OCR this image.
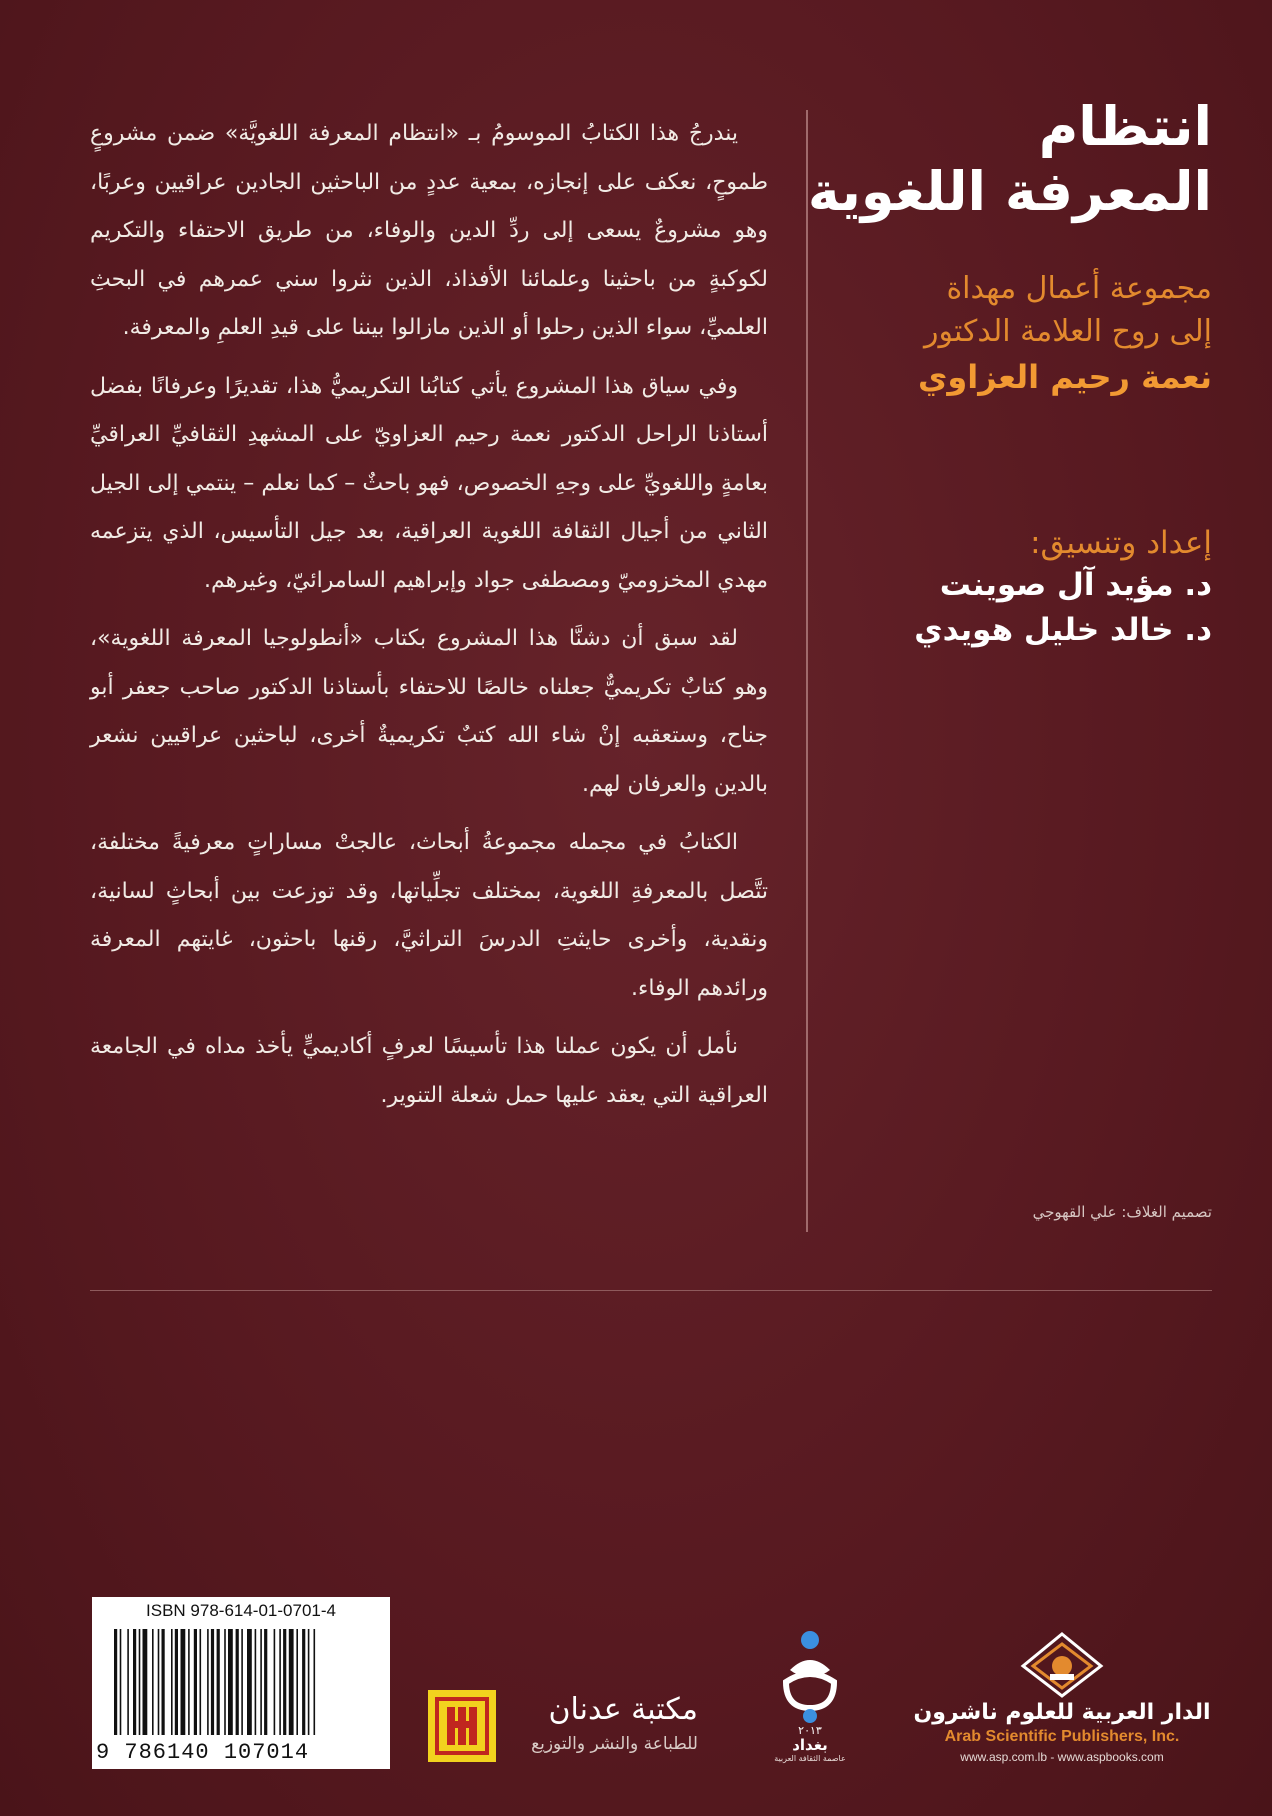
انتظام
المعرفة اللغوية
مجموعة أعمال مهداة
إلى روح العلامة الدكتور
نعمة رحيم العزاوي
إعداد وتنسيق:
د. مؤيد آل صوينت
د. خالد خليل هويدي

يندرجُ هذا الكتابُ الموسومُ بـ «انتظام المعرفة اللغويَّة» ضمن مشروعٍ طموحٍ، نعكف على إنجازه، بمعية عددٍ من الباحثين الجادين عراقيين وعربًا، وهو مشروعٌ يسعى إلى ردِّ الدين والوفاء، من طريق الاحتفاء والتكريم لكوكبةٍ من باحثينا وعلمائنا الأفذاذ، الذين نثروا سني عمرهم في البحثِ العلميِّ، سواء الذين رحلوا أو الذين مازالوا بيننا على قيدِ العلمِ والمعرفة.

وفي سياق هذا المشروع يأتي كتابُنا التكريميُّ هذا، تقديرًا وعرفانًا بفضل أستاذنا الراحل الدكتور نعمة رحيم العزاويّ على المشهدِ الثقافيِّ العراقيِّ بعامةٍ واللغويِّ على وجهِ الخصوص، فهو باحثٌ – كما نعلم – ينتمي إلى الجيل الثاني من أجيال الثقافة اللغوية العراقية، بعد جيل التأسيس، الذي يتزعمه مهدي المخزوميّ ومصطفى جواد وإبراهيم السامرائيّ، وغيرهم.

لقد سبق أن دشنَّا هذا المشروع بكتاب «أنطولوجيا المعرفة اللغوية»، وهو كتابٌ تكريميٌّ جعلناه خالصًا للاحتفاء بأستاذنا الدكتور صاحب جعفر أبو جناح، وستعقبه إنْ شاء الله كتبٌ تكريميةٌ أخرى، لباحثين عراقيين نشعر بالدين والعرفان لهم.

الكتابُ في مجمله مجموعةُ أبحاث، عالجتْ مساراتٍ معرفيةً مختلفة، تتَّصل بالمعرفةِ اللغوية، بمختلف تجلِّياتها، وقد توزعت بين أبحاثٍ لسانية، ونقدية، وأخرى حايثتِ الدرسَ التراثيَّ، رقنها باحثون، غايتهم المعرفة ورائدهم الوفاء.

نأمل أن يكون عملنا هذا تأسيسًا لعرفٍ أكاديميٍّ يأخذ مداه في الجامعة العراقية التي يعقد عليها حمل شعلة التنوير.

تصميم الغلاف: علي القهوجي
ISBN 978-614-01-0701-4
9 786140 107014
مكتبة عدنان
للطباعة والنشر والتوزيع
٢٠١٣
بغداد
عاصمة الثقافة العربية
الدار العربية للعلوم ناشرون
Arab Scientific Publishers, Inc.
www.asp.com.lb - www.aspbooks.com
